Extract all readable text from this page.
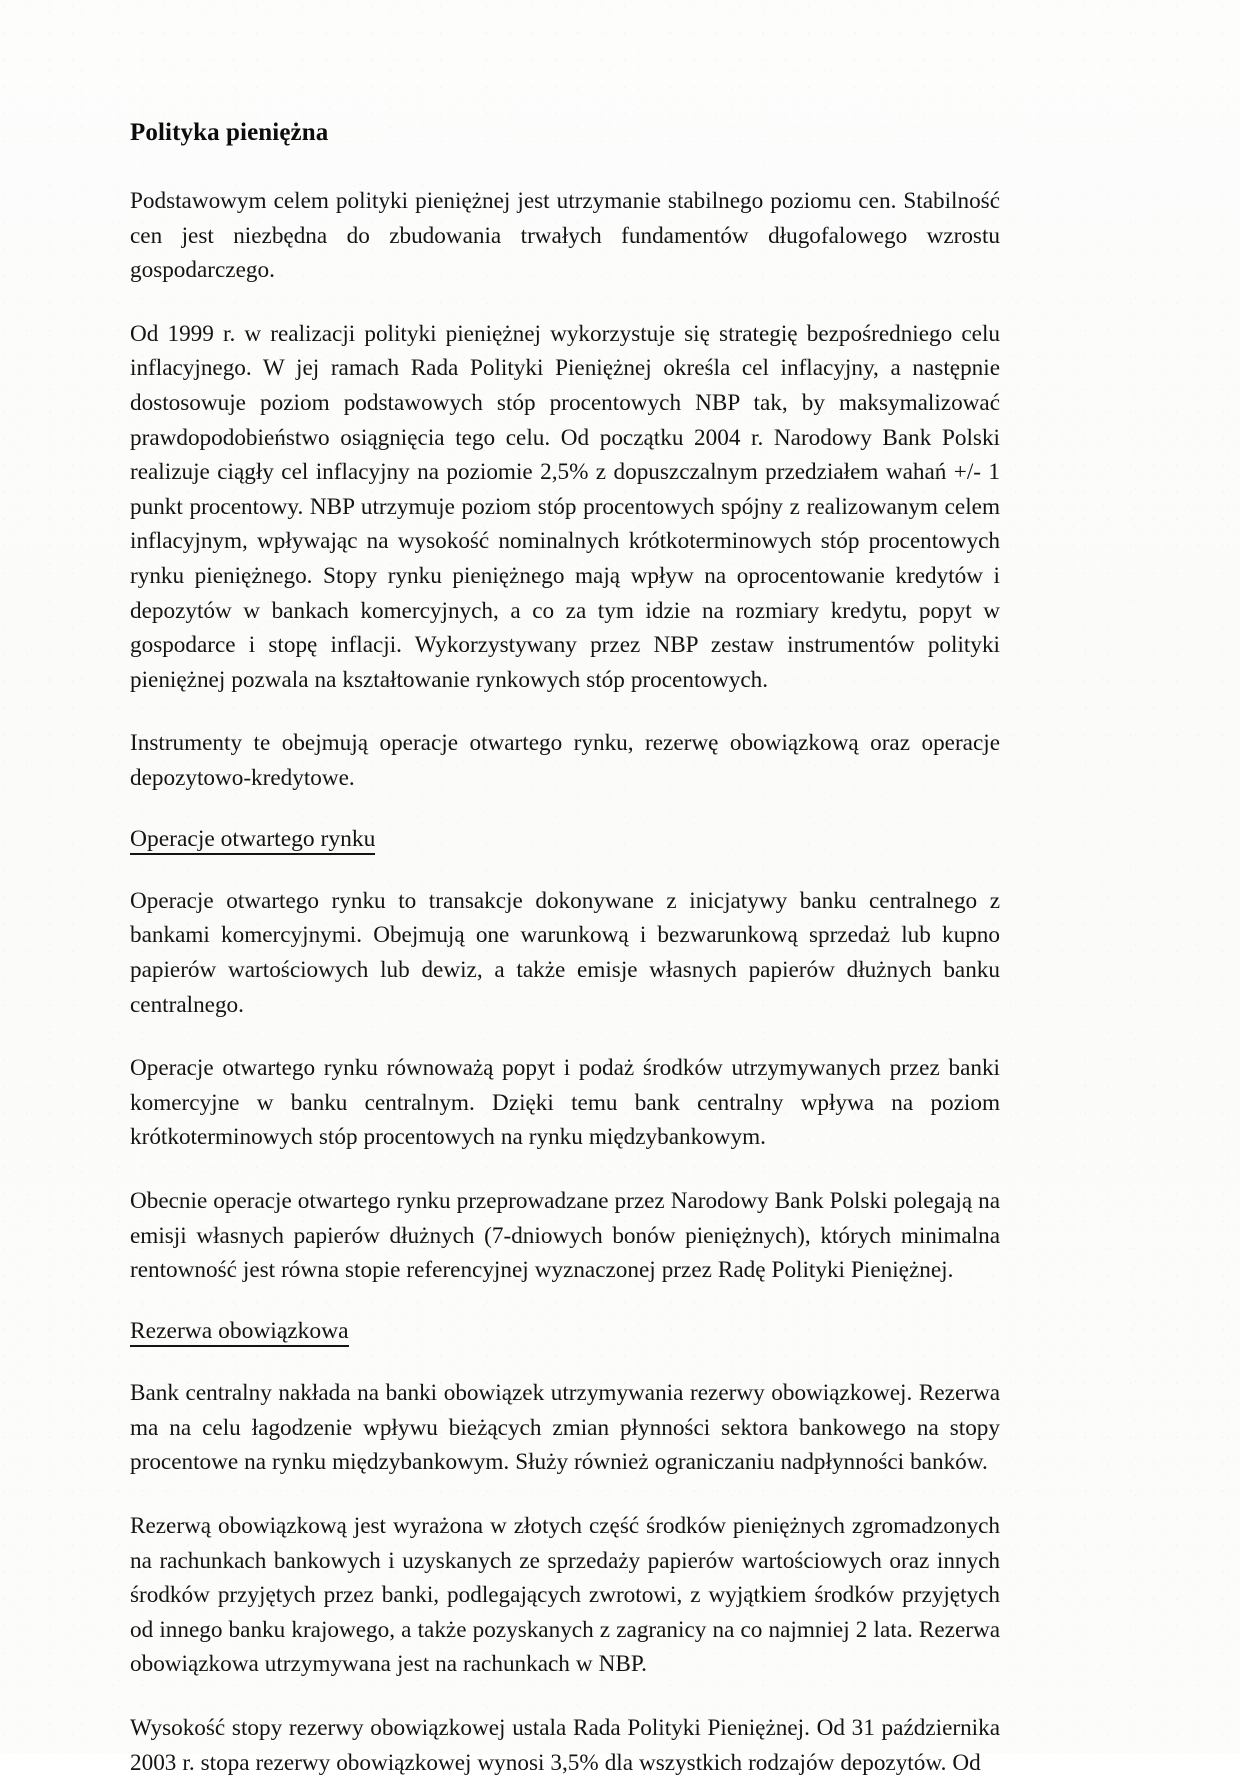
Polityka pieniężna

Podstawowym celem polityki pieniężnej jest utrzymanie stabilnego poziomu cen. Stabilność cen jest niezbędna do zbudowania trwałych fundamentów długofalowego wzrostu gospodarczego.

Od 1999 r. w realizacji polityki pieniężnej wykorzystuje się strategię bezpośredniego celu inflacyjnego. W jej ramach Rada Polityki Pieniężnej określa cel inflacyjny, a następnie dostosowuje poziom podstawowych stóp procentowych NBP tak, by maksymalizować prawdopodobieństwo osiągnięcia tego celu. Od początku 2004 r. Narodowy Bank Polski realizuje ciągły cel inflacyjny na poziomie 2,5% z dopuszczalnym przedziałem wahań +/- 1 punkt procentowy. NBP utrzymuje poziom stóp procentowych spójny z realizowanym celem inflacyjnym, wpływając na wysokość nominalnych krótkoterminowych stóp procentowych rynku pieniężnego. Stopy rynku pieniężnego mają wpływ na oprocentowanie kredytów i depozytów w bankach komercyjnych, a co za tym idzie na rozmiary kredytu, popyt w gospodarce i stopę inflacji. Wykorzystywany przez NBP zestaw instrumentów polityki pieniężnej pozwala na kształtowanie rynkowych stóp procentowych.

Instrumenty te obejmują operacje otwartego rynku, rezerwę obowiązkową oraz operacje depozytowo-kredytowe.

Operacje otwartego rynku

Operacje otwartego rynku to transakcje dokonywane z inicjatywy banku centralnego z bankami komercyjnymi. Obejmują one warunkową i bezwarunkową sprzedaż lub kupno papierów wartościowych lub dewiz, a także emisje własnych papierów dłużnych banku centralnego.

Operacje otwartego rynku równoważą popyt i podaż środków utrzymywanych przez banki komercyjne w banku centralnym. Dzięki temu bank centralny wpływa na poziom krótkoterminowych stóp procentowych na rynku międzybankowym.

Obecnie operacje otwartego rynku przeprowadzane przez Narodowy Bank Polski polegają na emisji własnych papierów dłużnych (7-dniowych bonów pieniężnych), których minimalna rentowność jest równa stopie referencyjnej wyznaczonej przez Radę Polityki Pieniężnej.

Rezerwa obowiązkowa

Bank centralny nakłada na banki obowiązek utrzymywania rezerwy obowiązkowej. Rezerwa ma na celu łagodzenie wpływu bieżących zmian płynności sektora bankowego na stopy procentowe na rynku międzybankowym. Służy również ograniczaniu nadpłynności banków.

Rezerwą obowiązkową jest wyrażona w złotych część środków pieniężnych zgromadzonych na rachunkach bankowych i uzyskanych ze sprzedaży papierów wartościowych oraz innych środków przyjętych przez banki, podlegających zwrotowi, z wyjątkiem środków przyjętych od innego banku krajowego, a także pozyskanych z zagranicy na co najmniej 2 lata. Rezerwa obowiązkowa utrzymywana jest na rachunkach w NBP.

Wysokość stopy rezerwy obowiązkowej ustala Rada Polityki Pieniężnej. Od 31 października 2003 r. stopa rezerwy obowiązkowej wynosi 3,5% dla wszystkich rodzajów depozytów. Od
